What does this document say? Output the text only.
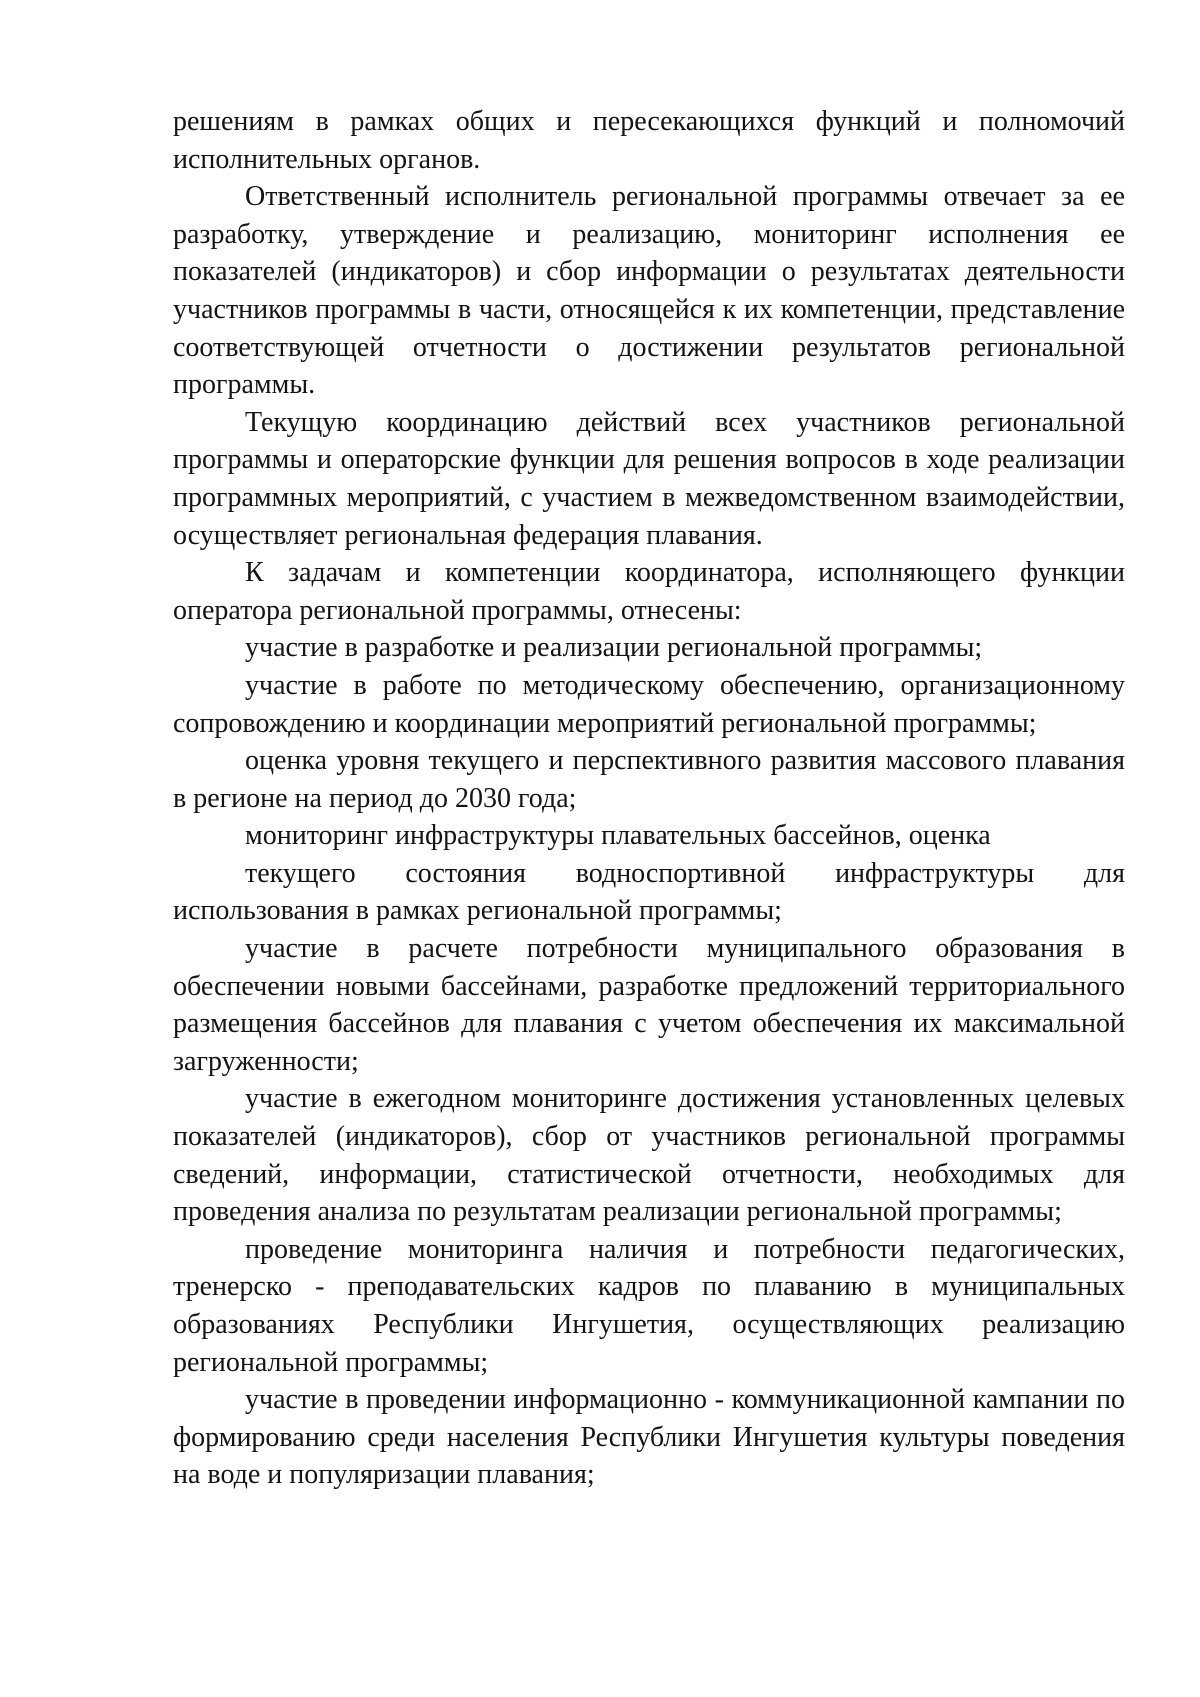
решениям в рамках общих и пересекающихся функций и полномочий исполнительных органов.

Ответственный исполнитель региональной программы отвечает за ее разработку, утверждение и реализацию, мониторинг исполнения ее показателей (индикаторов) и сбор информации о результатах деятельности участников программы в части, относящейся к их компетенции, представление соответствующей отчетности о достижении результатов региональной программы.

Текущую координацию действий всех участников региональной программы и операторские функции для решения вопросов в ходе реализации программных мероприятий, с участием в межведомственном взаимодействии, осуществляет региональная федерация плавания.

К задачам и компетенции координатора, исполняющего функции оператора региональной программы, отнесены:

участие в разработке и реализации региональной программы;

участие в работе по методическому обеспечению, организационному сопровождению и координации мероприятий региональной программы;

оценка уровня текущего и перспективного развития массового плавания в регионе на период до 2030 года;

мониторинг инфраструктуры плавательных бассейнов, оценка

текущего состояния водноспортивной инфраструктуры для использования в рамках региональной программы;

участие в расчете потребности муниципального образования в обеспечении новыми бассейнами, разработке предложений территориального размещения бассейнов для плавания с учетом обеспечения их максимальной загруженности;

участие в ежегодном мониторинге достижения установленных целевых показателей (индикаторов), сбор от участников региональной программы сведений, информации, статистической отчетности, необходимых для проведения анализа по результатам реализации региональной программы;

проведение мониторинга наличия и потребности педагогических, тренерско - преподавательских кадров по плаванию в муниципальных образованиях Республики Ингушетия, осуществляющих реализацию региональной программы;

участие в проведении информационно - коммуникационной кампании по формированию среди населения Республики Ингушетия культуры поведения на воде и популяризации плавания;
